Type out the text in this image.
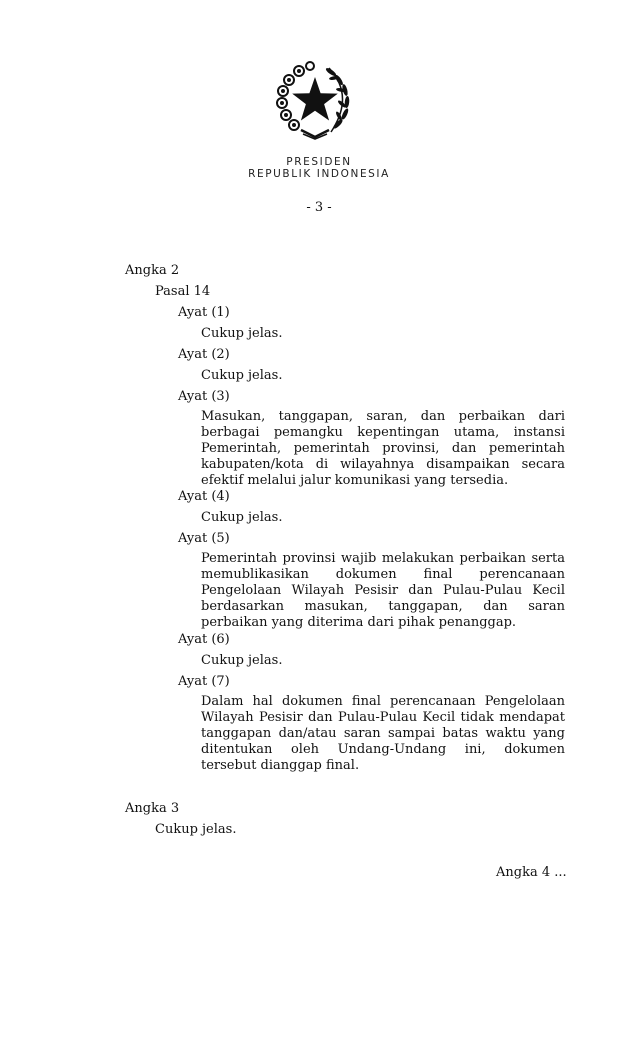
PRESIDEN
REPUBLIK INDONESIA
- 3 -
Angka 2
Pasal 14
Ayat (1)
Cukup jelas.
Ayat (2)
Cukup jelas.
Ayat (3)
Masukan, tanggapan, saran, dan perbaikan dari berbagai pemangku kepentingan utama, instansi Pemerintah, pemerintah provinsi, dan pemerintah kabupaten/kota di wilayahnya disampaikan secara efektif melalui jalur komunikasi yang tersedia.
Ayat (4)
Cukup jelas.
Ayat (5)
Pemerintah provinsi wajib melakukan perbaikan serta memublikasikan dokumen final perencanaan Pengelolaan Wilayah Pesisir dan Pulau-Pulau Kecil berdasarkan masukan, tanggapan, dan saran perbaikan yang diterima dari pihak penanggap.
Ayat (6)
Cukup jelas.
Ayat (7)
Dalam hal dokumen final perencanaan Pengelolaan Wilayah Pesisir dan Pulau-Pulau Kecil tidak mendapat tanggapan dan/atau saran sampai batas waktu yang ditentukan oleh Undang-Undang ini, dokumen tersebut dianggap final.
Angka 3
Cukup jelas.
Angka 4 ...
